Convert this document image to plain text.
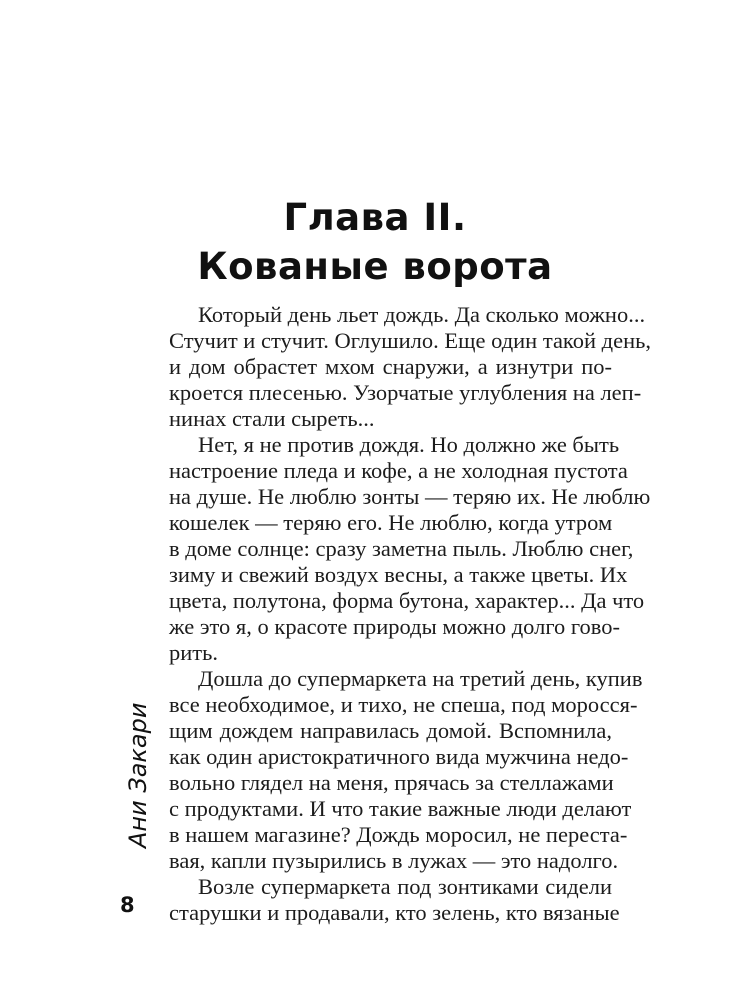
Глава II.
Кованые ворота
Который день льет дождь. Да сколько можно...
Стучит и стучит. Оглушило. Еще один такой день,
и дом обрастет мхом снаружи, а изнутри по-
кроется плесенью. Узорчатые углубления на леп-
нинах стали сыреть...
Нет, я не против дождя. Но должно же быть
настроение пледа и кофе, а не холодная пустота
на душе. Не люблю зонты — теряю их. Не люблю
кошелек — теряю его. Не люблю, когда утром
в доме солнце: сразу заметна пыль. Люблю снег,
зиму и свежий воздух весны, а также цветы. Их
цвета, полутона, форма бутона, характер... Да что
же это я, о красоте природы можно долго гово-
рить.
Дошла до супермаркета на третий день, купив
все необходимое, и тихо, не спеша, под моросся-
щим дождем направилась домой. Вспомнила,
как один аристократичного вида мужчина недо-
вольно глядел на меня, прячась за стеллажами
с продуктами. И что такие важные люди делают
в нашем магазине? Дождь моросил, не переста-
вая, капли пузырились в лужах — это надолго.
Возле супермаркета под зонтиками сидели
старушки и продавали, кто зелень, кто вязаные
Ани Закари
8
